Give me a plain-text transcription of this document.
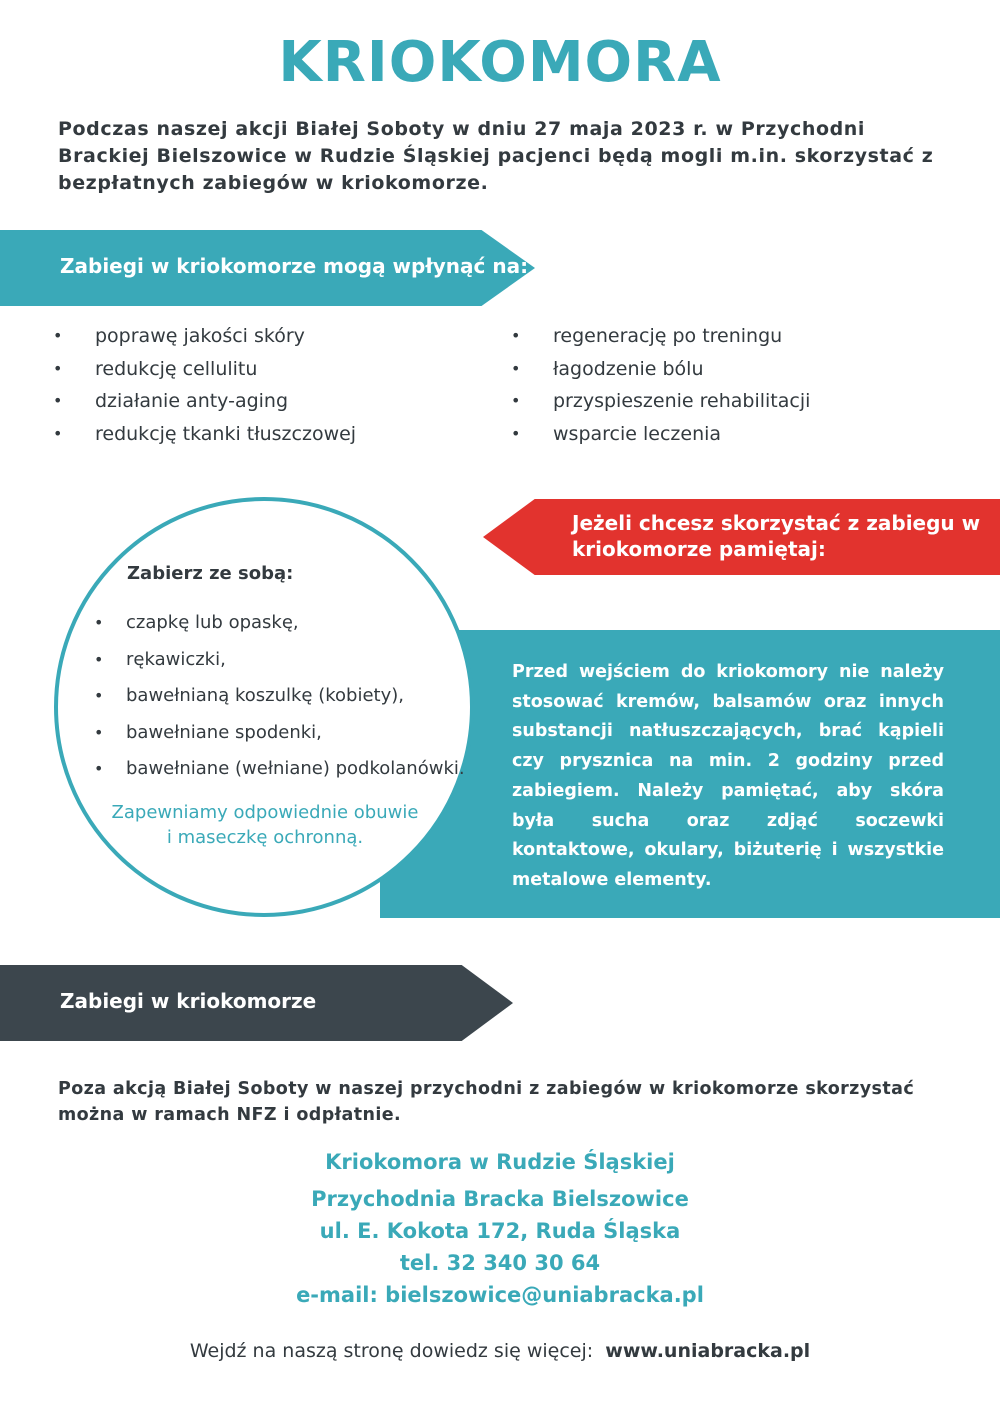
KRIOKOMORA
Podczas naszej akcji Białej Soboty w dniu 27 maja 2023 r. w Przychodni Brackiej Bielszowice w Rudzie Śląskiej pacjenci będą mogli m.in. skorzystać z bezpłatnych zabiegów w kriokomorze.
Zabiegi w kriokomorze mogą wpłynąć na:
• poprawę jakości skóry
• redukcję cellulitu
• działanie anty-aging
• redukcję tkanki tłuszczowej
• regenerację po treningu
• łagodzenie bólu
• przyspieszenie rehabilitacji
• wsparcie leczenia
Jeżeli chcesz skorzystać z zabiegu w kriokomorze pamiętaj:
Zabierz ze sobą:
• czapkę lub opaskę,
• rękawiczki,
• bawełnianą koszulkę (kobiety),
• bawełniane spodenki,
• bawełniane (wełniane) podkolanówki.
Zapewniamy odpowiednie obuwie i maseczkę ochronną.
Przed wejściem do kriokomory nie należy stosować kremów, balsamów oraz innych substancji natłuszczających, brać kąpieli czy prysznica na min. 2 godziny przed zabiegiem. Należy pamiętać, aby skóra była sucha oraz zdjąć soczewki kontaktowe, okulary, biżuterię i wszystkie metalowe elementy.
Zabiegi w kriokomorze
Poza akcją Białej Soboty w naszej przychodni z zabiegów w kriokomorze skorzystać można w ramach NFZ i odpłatnie.
Kriokomora w Rudzie Śląskiej
Przychodnia Bracka Bielszowice
ul. E. Kokota 172, Ruda Śląska
tel. 32 340 30 64
e-mail: bielszowice@uniabracka.pl
Wejdź na naszą stronę dowiedz się więcej: www.uniabracka.pl
